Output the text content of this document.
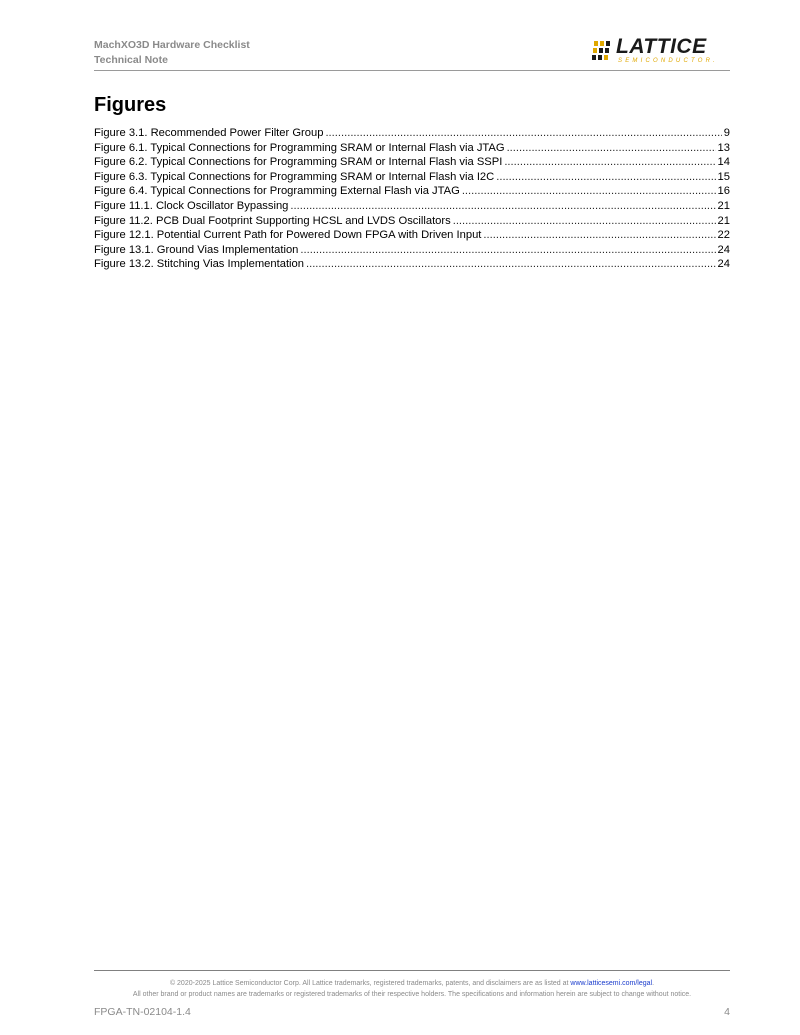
MachXO3D Hardware Checklist
Technical Note
LATTICE
SEMICONDUCTOR.
Figures
Figure 3.1. Recommended Power Filter Group .....	9
Figure 6.1. Typical Connections for Programming SRAM or Internal Flash via JTAG .....	13
Figure 6.2. Typical Connections for Programming SRAM or Internal Flash via SSPI .....	14
Figure 6.3. Typical Connections for Programming SRAM or Internal Flash via I2C .....	15
Figure 6.4. Typical Connections for Programming External Flash via JTAG .....	16
Figure 11.1. Clock Oscillator Bypassing .....	21
Figure 11.2. PCB Dual Footprint Supporting HCSL and LVDS Oscillators .....	21
Figure 12.1. Potential Current Path for Powered Down FPGA with Driven Input .....	22
Figure 13.1. Ground Vias Implementation .....	24
Figure 13.2. Stitching Vias Implementation .....	24
© 2020-2025 Lattice Semiconductor Corp. All Lattice trademarks, registered trademarks, patents, and disclaimers are as listed at www.latticesemi.com/legal.
All other brand or product names are trademarks or registered trademarks of their respective holders. The specifications and information herein are subject to change without notice.
FPGA-TN-02104-1.4	4
